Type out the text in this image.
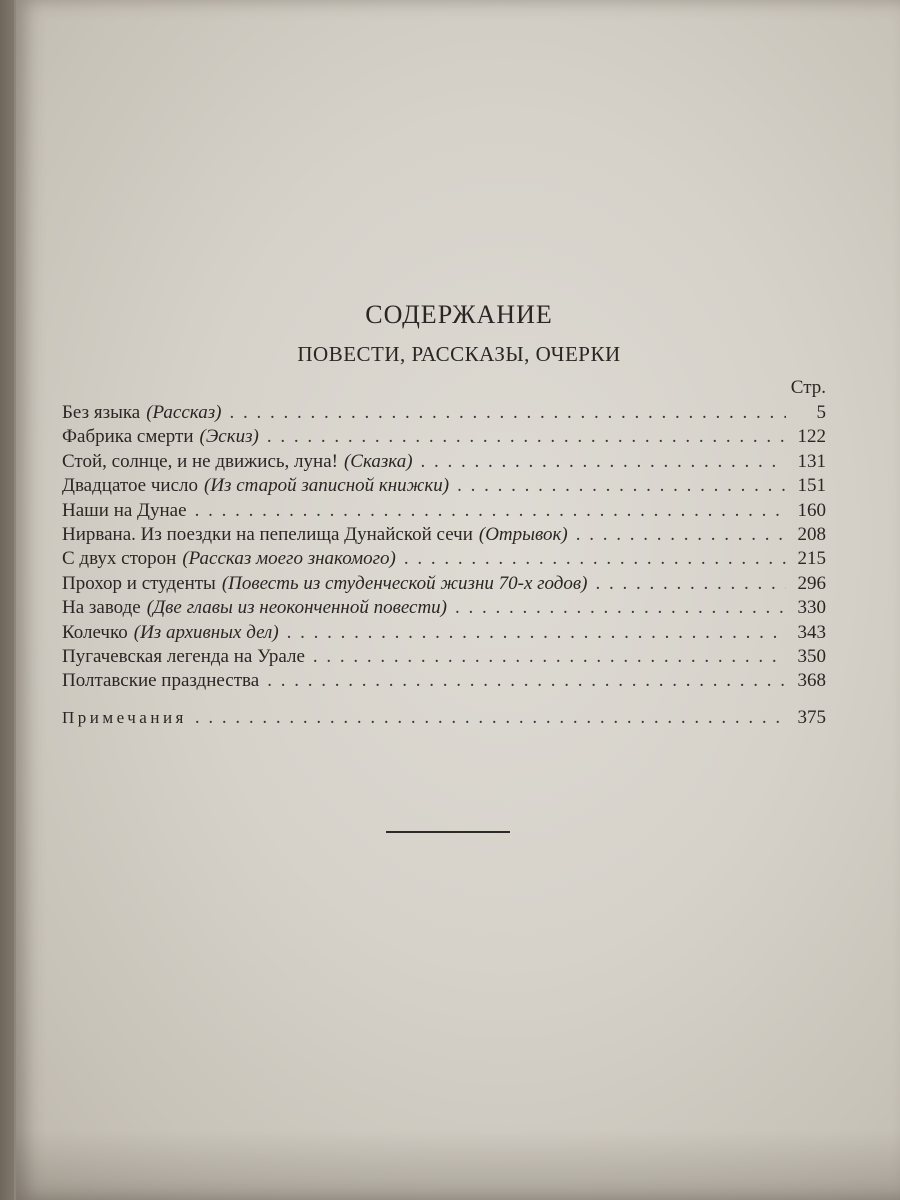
СОДЕРЖАНИЕ
ПОВЕСТИ, РАССКАЗЫ, ОЧЕРКИ
Стр.
Без языка (Рассказ) . . .	5
Фабрика смерти (Эскиз) . . .	122
Стой, солнце, и не движись, луна! (Сказка) . . .	131
Двадцатое число (Из старой записной книжки) . . .	151
Наши на Дунае . . .	160
Нирвана. Из поездки на пепелища Дунайской сечи (Отрывок) . . .	208
С двух сторон (Рассказ моего знакомого) . . .	215
Прохор и студенты (Повесть из студенческой жизни 70-х годов) . . .	296
На заводе (Две главы из неоконченной повести) . . .	330
Колечко (Из архивных дел) . . .	343
Пугачевская легенда на Урале . . .	350
Полтавские празднества . . .	368
Примечания . . .	375
